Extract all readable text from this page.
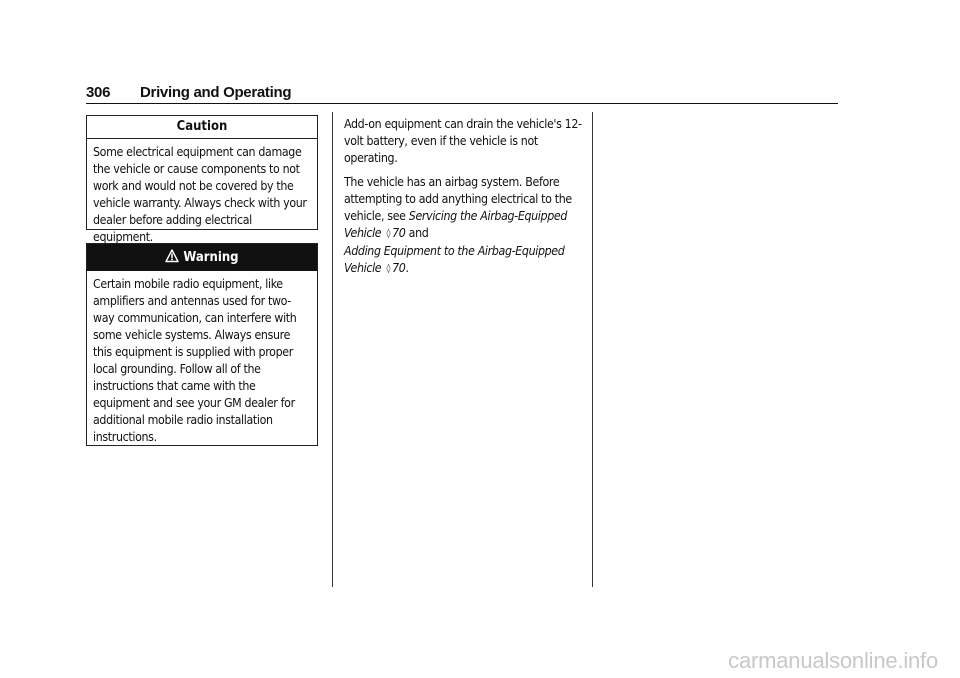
306 Driving and Operating
Caution
Some electrical equipment can damage the vehicle or cause components to not work and would not be covered by the vehicle warranty. Always check with your dealer before adding electrical equipment.
Warning
Certain mobile radio equipment, like amplifiers and antennas used for two-way communication, can interfere with some vehicle systems. Always ensure this equipment is supplied with proper local grounding. Follow all of the instructions that came with the equipment and see your GM dealer for additional mobile radio installation instructions.

Add-on equipment can drain the vehicle's 12-volt battery, even if the vehicle is not operating.

The vehicle has an airbag system. Before attempting to add anything electrical to the vehicle, see Servicing the Airbag-Equipped Vehicle ◊ 70 and
Adding Equipment to the Airbag-Equipped Vehicle ◊ 70.

carmanualsonline.info
